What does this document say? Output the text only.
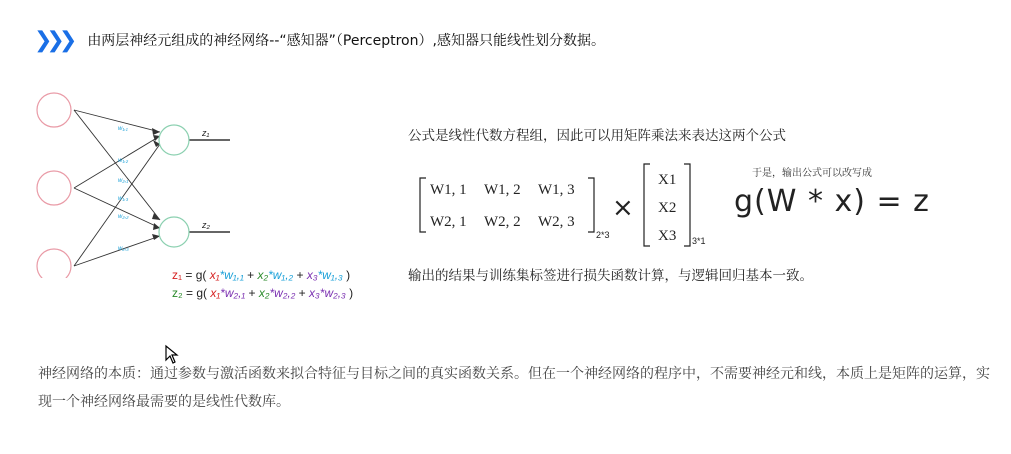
❯❯❯ 由两层神经元组成的神经网络--“感知器”（Perceptron）,感知器只能线性划分数据。
w₁,₁
w₁,₂
w₂,₁
w₁,₃
w₂,₂
w₂,₃
z₁
z₂
z₁ = g( x₁*w₁,₁ + x₂*w₁,₂ + x₃*w₁,₃ )
z₂ = g( x₁*w₂,₁ + x₂*w₂,₂ + x₃*w₂,₃ )
公式是线性代数方程组，因此可以用矩阵乘法来表达这两个公式
W1, 1 W1, 2 W1, 3
W2, 1 W2, 2 W2, 3
X1
X2
X3
2*3
×
3*1
于是，输出公式可以改写成
g(W * x) = z
输出的结果与训练集标签进行损失函数计算，与逻辑回归基本一致。
神经网络的本质：通过参数与激活函数来拟合特征与目标之间的真实函数关系。但在一个神经网络的程序中，不需要神经元和线，本质上是矩阵的运算，实现一个神经网络最需要的是线性代数库。
